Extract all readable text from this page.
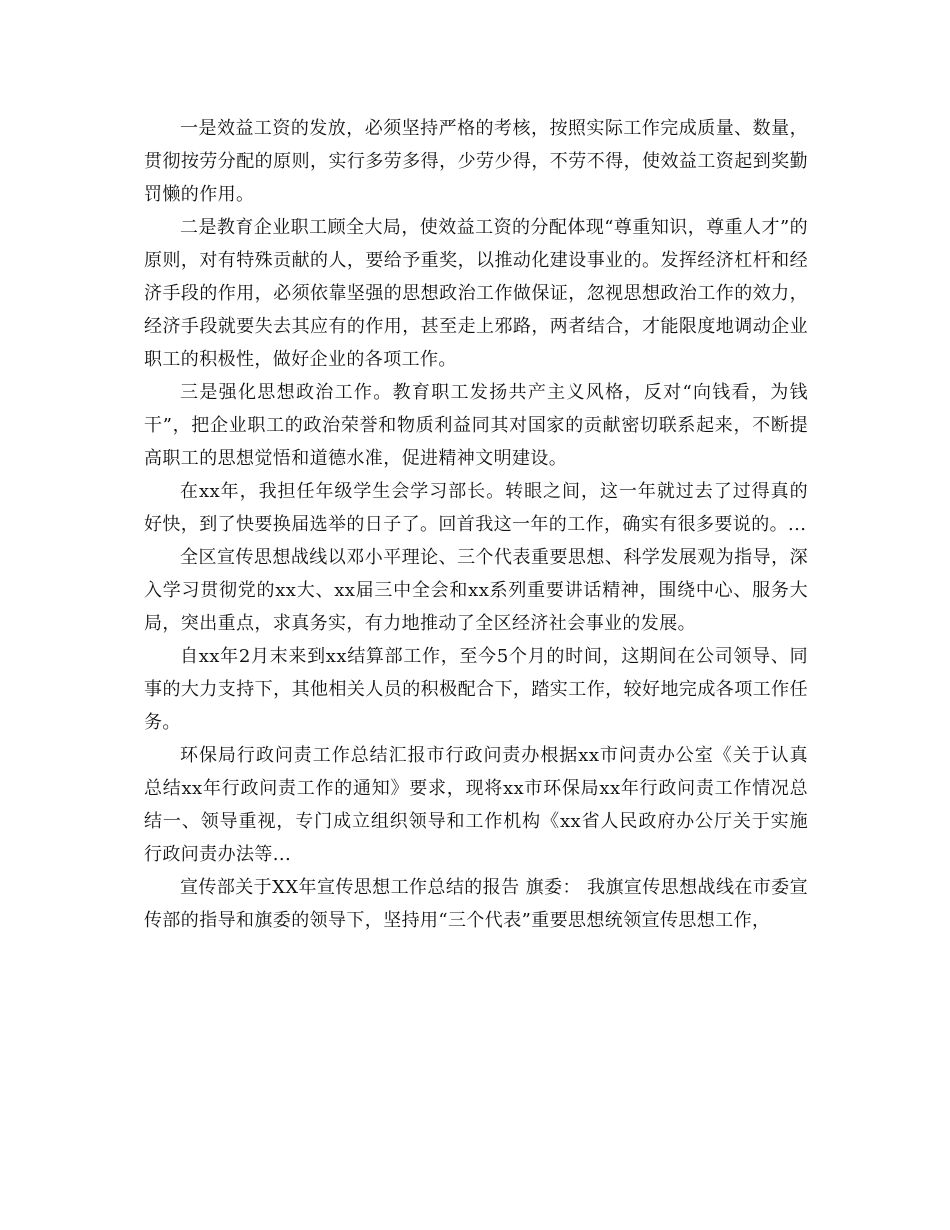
一是效益工资的发放，必须坚持严格的考核，按照实际工作完成质量、数量，贯彻按劳分配的原则，实行多劳多得，少劳少得，不劳不得，使效益工资起到奖勤罚懒的作用。

二是教育企业职工顾全大局，使效益工资的分配体现“尊重知识，尊重人才”的原则，对有特殊贡献的人，要给予重奖，以推动化建设事业的。发挥经济杠杆和经济手段的作用，必须依靠坚强的思想政治工作做保证，忽视思想政治工作的效力，经济手段就要失去其应有的作用，甚至走上邪路，两者结合，才能限度地调动企业职工的积极性，做好企业的各项工作。

三是强化思想政治工作。教育职工发扬共产主义风格，反对“向钱看，为钱干”，把企业职工的政治荣誉和物质利益同其对国家的贡献密切联系起来，不断提高职工的思想觉悟和道德水准，促进精神文明建设。

在xx年，我担任年级学生会学习部长。转眼之间，这一年就过去了过得真的好快，到了快要换届选举的日子了。回首我这一年的工作，确实有很多要说的。...

全区宣传思想战线以邓小平理论、三个代表重要思想、科学发展观为指导，深入学习贯彻党的xx大、xx届三中全会和xx系列重要讲话精神，围绕中心、服务大局，突出重点，求真务实，有力地推动了全区经济社会事业的发展。

自xx年2月末来到xx结算部工作，至今5个月的时间，这期间在公司领导、同事的大力支持下，其他相关人员的积极配合下，踏实工作，较好地完成各项工作任务。

环保局行政问责工作总结汇报市行政问责办根据xx市问责办公室《关于认真总结xx年行政问责工作的通知》要求，现将xx市环保局xx年行政问责工作情况总结一、领导重视，专门成立组织领导和工作机构《xx省人民政府办公厅关于实施行政问责办法等...

宣传部关于XX年宣传思想工作总结的报告 旗委： 我旗宣传思想战线在市委宣传部的指导和旗委的领导下，坚持用“三个代表”重要思想统领宣传思想工作，
